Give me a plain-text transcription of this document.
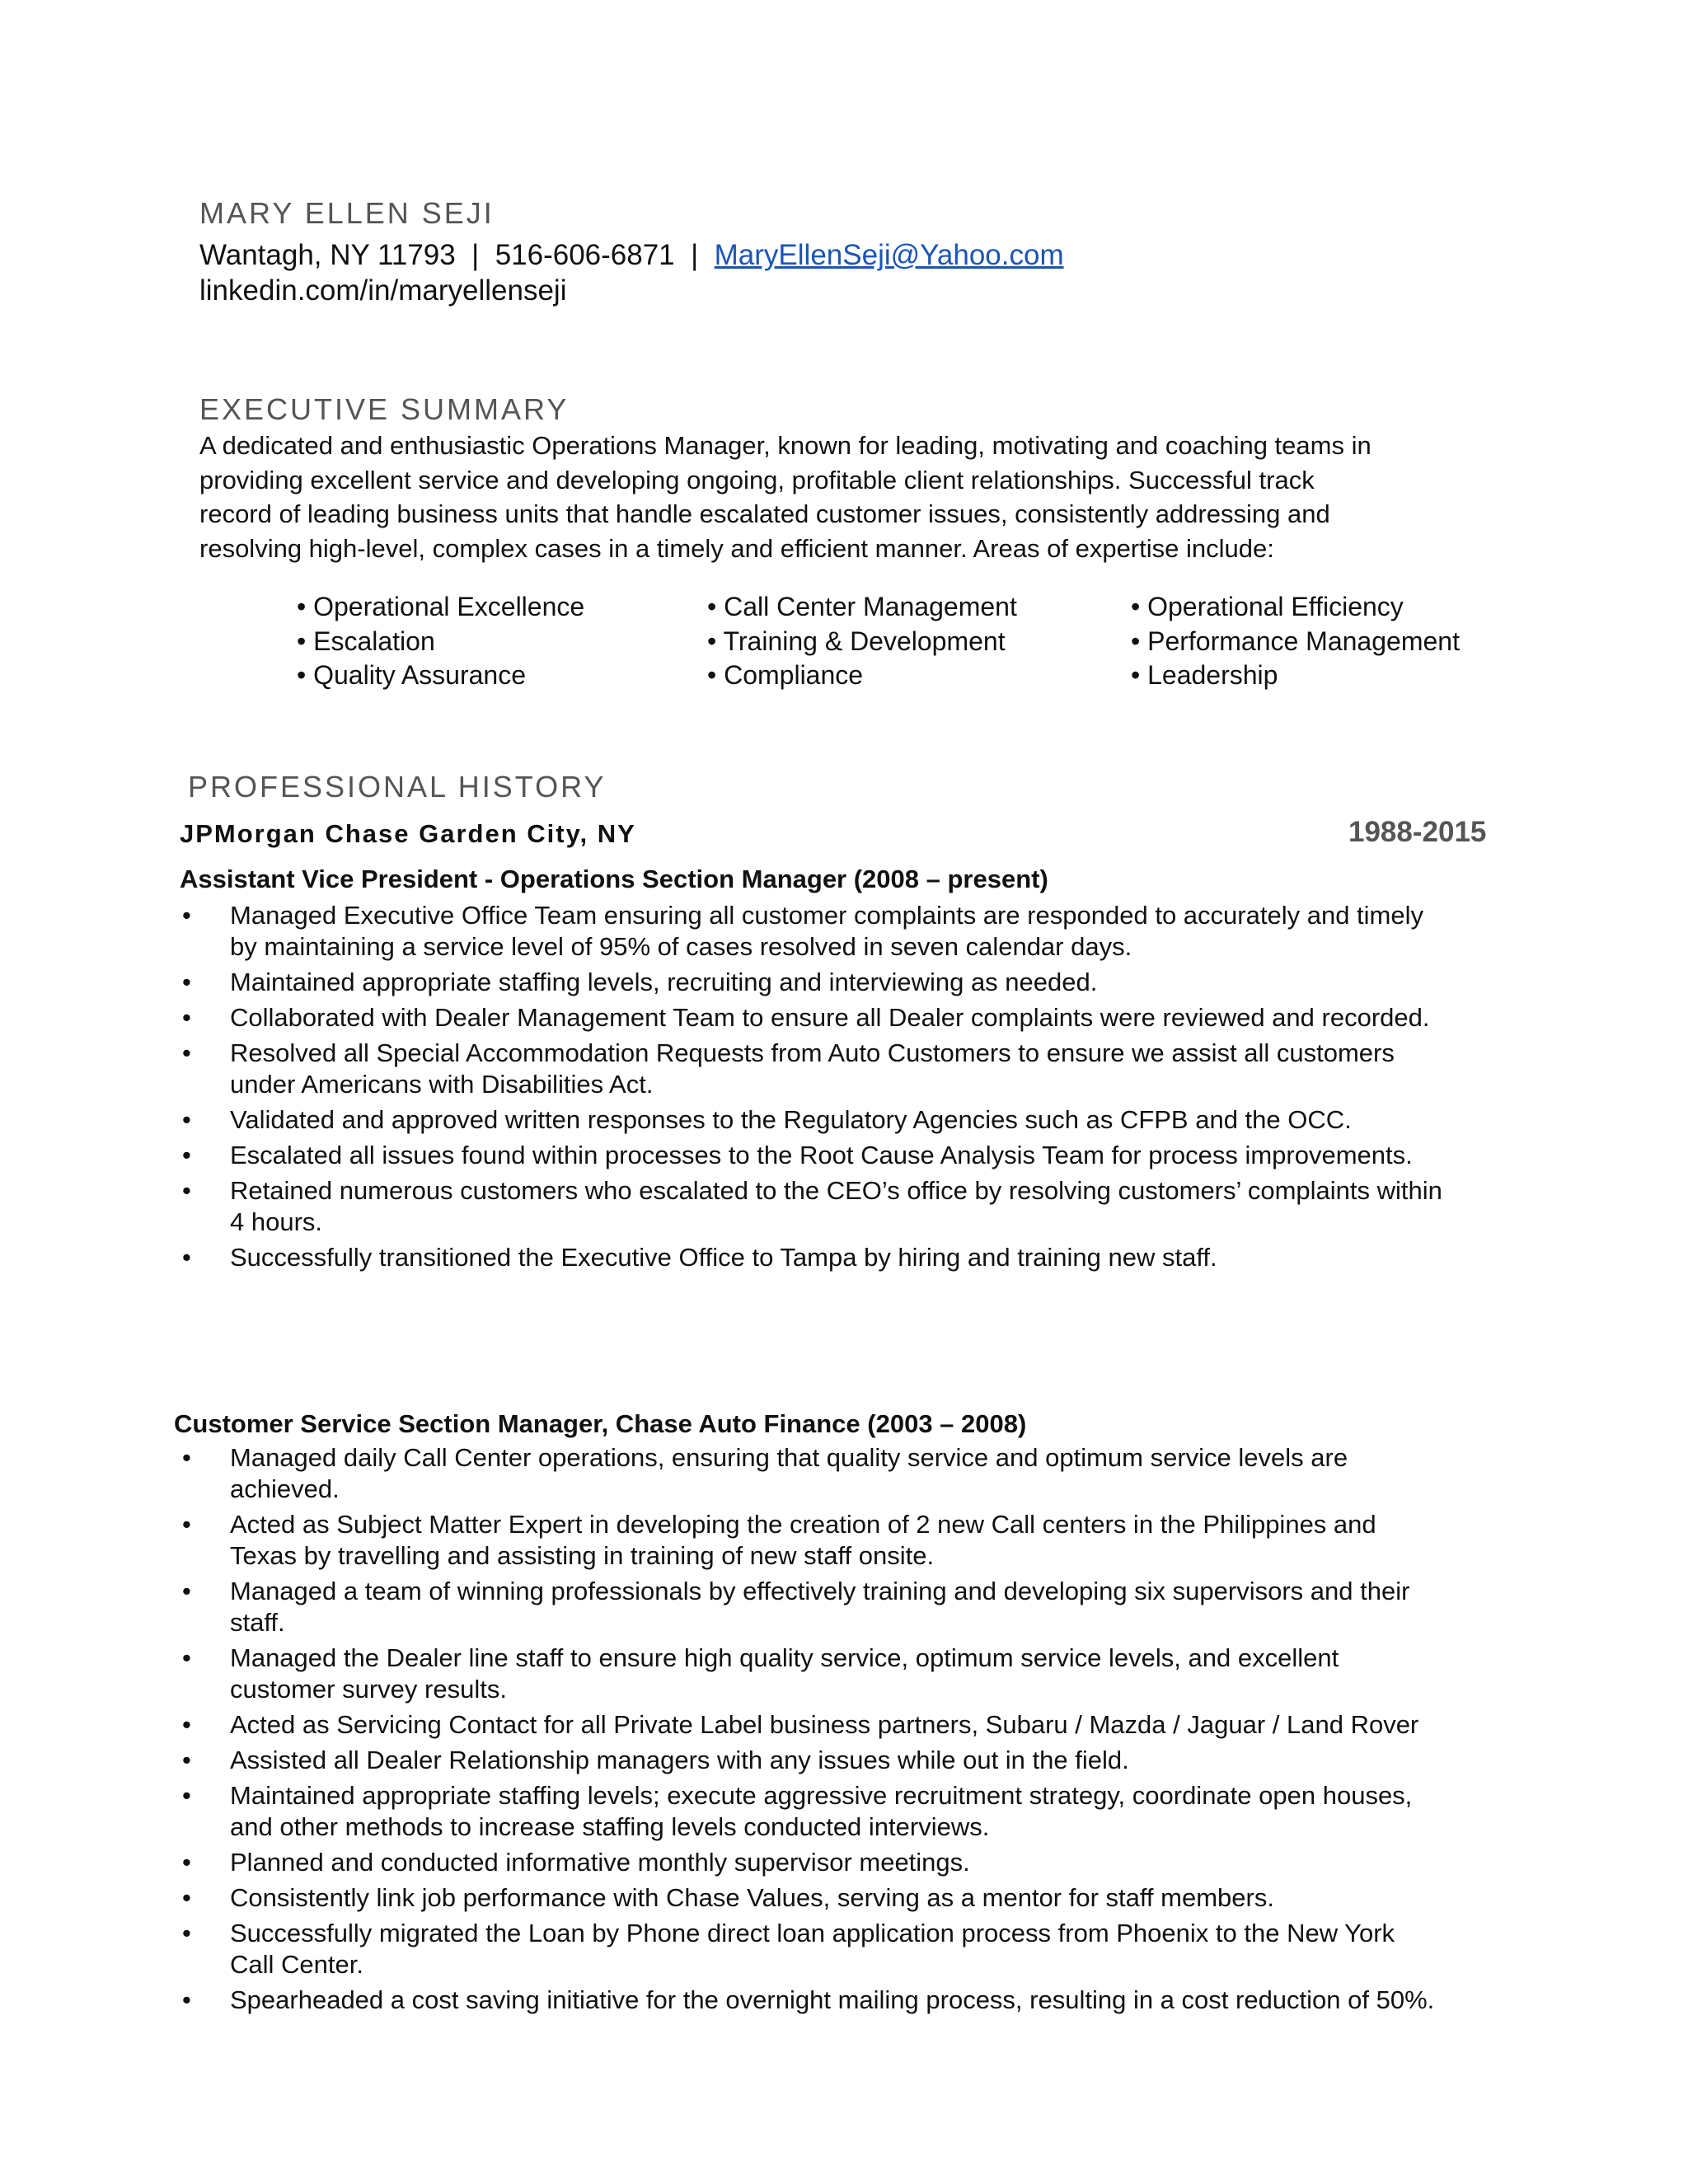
MARY ELLEN SEJI
Wantagh, NY 11793 | 516-606-6871 | MaryEllenSeji@Yahoo.com
linkedin.com/in/maryellenseji
EXECUTIVE SUMMARY

A dedicated and enthusiastic Operations Manager, known for leading, motivating and coaching teams in

providing excellent service and developing ongoing, profitable client relationships. Successful track

record of leading business units that handle escalated customer issues, consistently addressing and

resolving high-level, complex cases in a timely and efficient manner. Areas of expertise include:

• Operational Excellence
• Escalation
• Quality Assurance
• Call Center Management
• Training & Development
• Compliance
• Operational Efficiency
• Performance Management
• Leadership
PROFESSIONAL HISTORY
JPMorgan Chase Garden City, NY	1988-2015
Assistant Vice President - Operations Section Manager (2008 – present)
• Managed Executive Office Team ensuring all customer complaints are responded to accurately and timely
by maintaining a service level of 95% of cases resolved in seven calendar days.
• Maintained appropriate staffing levels, recruiting and interviewing as needed.
• Collaborated with Dealer Management Team to ensure all Dealer complaints were reviewed and recorded.
• Resolved all Special Accommodation Requests from Auto Customers to ensure we assist all customers
under Americans with Disabilities Act.
• Validated and approved written responses to the Regulatory Agencies such as CFPB and the OCC.
• Escalated all issues found within processes to the Root Cause Analysis Team for process improvements.
• Retained numerous customers who escalated to the CEO’s office by resolving customers’ complaints within
4 hours.
• Successfully transitioned the Executive Office to Tampa by hiring and training new staff.
Customer Service Section Manager, Chase Auto Finance (2003 – 2008)
• Managed daily Call Center operations, ensuring that quality service and optimum service levels are
achieved.
• Acted as Subject Matter Expert in developing the creation of 2 new Call centers in the Philippines and
Texas by travelling and assisting in training of new staff onsite.
• Managed a team of winning professionals by effectively training and developing six supervisors and their
staff.
• Managed the Dealer line staff to ensure high quality service, optimum service levels, and excellent
customer survey results.
• Acted as Servicing Contact for all Private Label business partners, Subaru / Mazda / Jaguar / Land Rover
• Assisted all Dealer Relationship managers with any issues while out in the field.
• Maintained appropriate staffing levels; execute aggressive recruitment strategy, coordinate open houses,
and other methods to increase staffing levels conducted interviews.
• Planned and conducted informative monthly supervisor meetings.
• Consistently link job performance with Chase Values, serving as a mentor for staff members.
• Successfully migrated the Loan by Phone direct loan application process from Phoenix to the New York
Call Center.
• Spearheaded a cost saving initiative for the overnight mailing process, resulting in a cost reduction of 50%.
